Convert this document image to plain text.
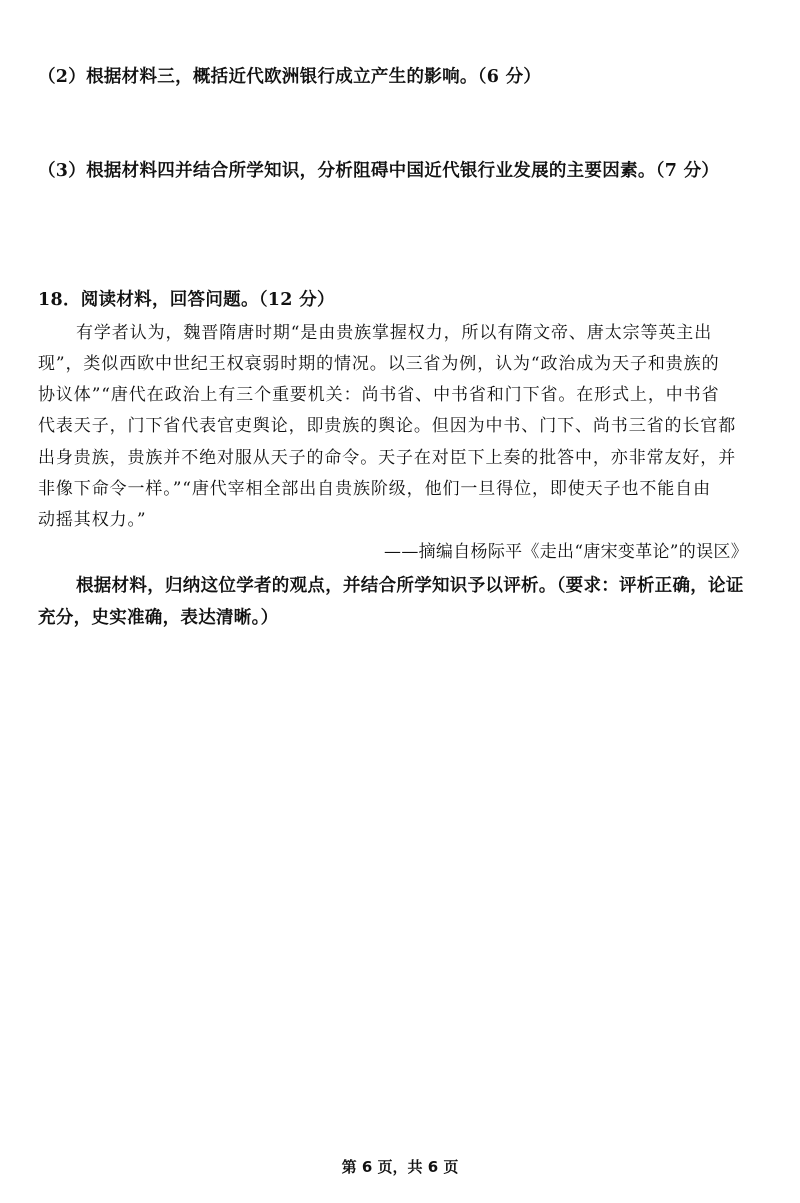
（2）根据材料三，概括近代欧洲银行成立产生的影响。（6 分）
（3）根据材料四并结合所学知识，分析阻碍中国近代银行业发展的主要因素。（7 分）
18．阅读材料，回答问题。（12 分）
有学者认为，魏晋隋唐时期“是由贵族掌握权力，所以有隋文帝、唐太宗等英主出
现”，类似西欧中世纪王权衰弱时期的情况。以三省为例，认为“政治成为天子和贵族的
协议体”“唐代在政治上有三个重要机关：尚书省、中书省和门下省。在形式上，中书省
代表天子，门下省代表官吏舆论，即贵族的舆论。但因为中书、门下、尚书三省的长官都
出身贵族，贵族并不绝对服从天子的命令。天子在对臣下上奏的批答中，亦非常友好，并
非像下命令一样。”“唐代宰相全部出自贵族阶级，他们一旦得位，即使天子也不能自由
动摇其权力。”
——摘编自杨际平《走出“唐宋变革论”的误区》
根据材料，归纳这位学者的观点，并结合所学知识予以评析。（要求：评析正确，论证
充分，史实准确，表达清晰。）
第 6 页，共 6 页
